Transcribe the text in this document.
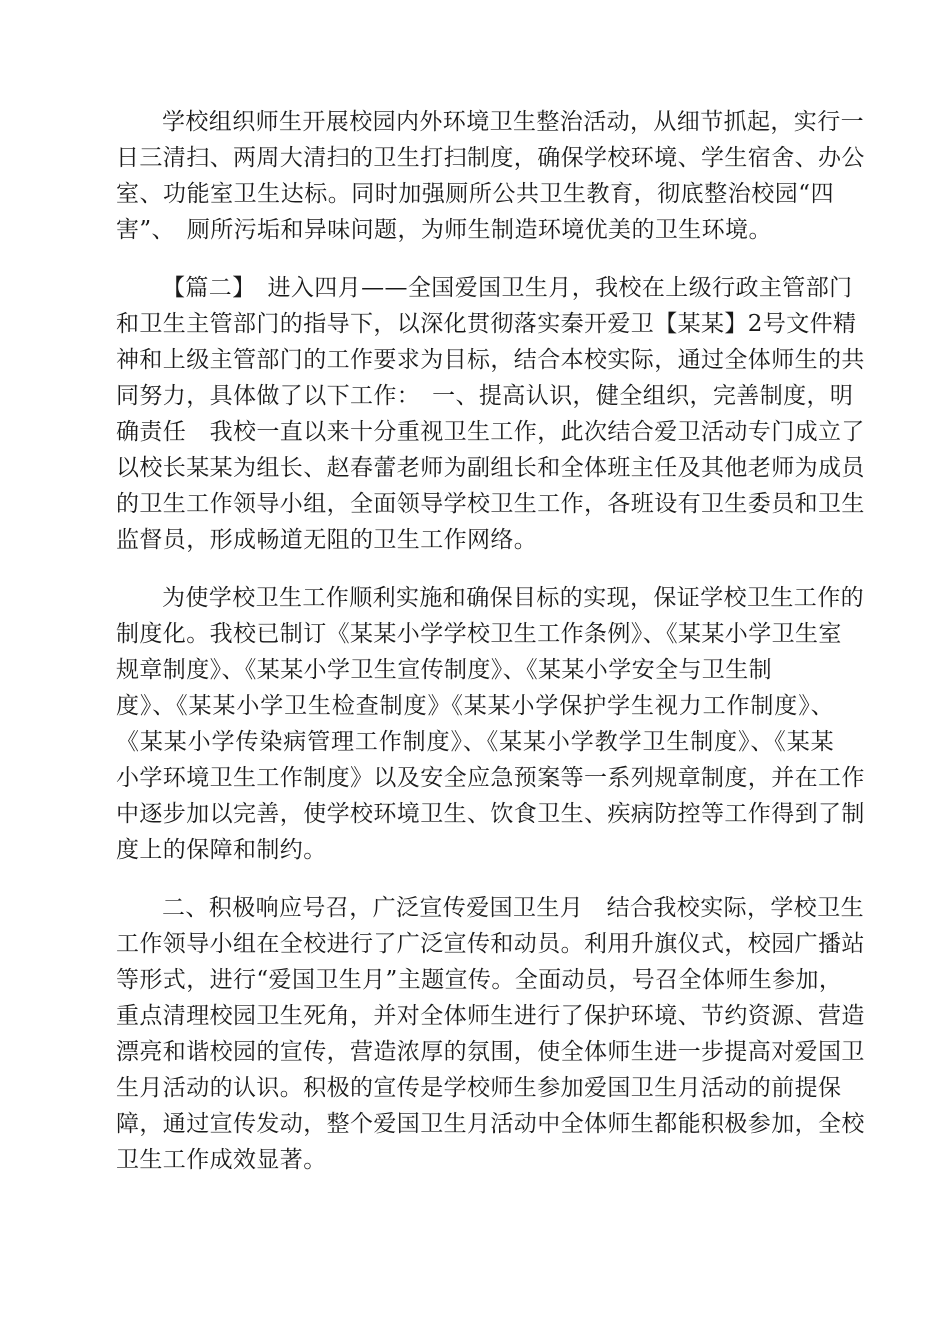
学校组织师生开展校园内外环境卫生整治活动，从细节抓起，实行一
日三清扫、两周大清扫的卫生打扫制度，确保学校环境、学生宿舍、办公
室、功能室卫生达标。同时加强厕所公共卫生教育，彻底整治校园“四
害”、　厕所污垢和异味问题，为师生制造环境优美的卫生环境。
【篇二】　进入四月——全国爱国卫生月，我校在上级行政主管部门
和卫生主管部门的指导下，以深化贯彻落实秦开爱卫【某某】2号文件精
神和上级主管部门的工作要求为目标，结合本校实际，通过全体师生的共
同努力，具体做了以下工作：　一、提高认识，健全组织，完善制度，明
确责任　我校一直以来十分重视卫生工作，此次结合爱卫活动专门成立了
以校长某某为组长、赵春蕾老师为副组长和全体班主任及其他老师为成员
的卫生工作领导小组，全面领导学校卫生工作，各班设有卫生委员和卫生
监督员，形成畅道无阻的卫生工作网络。
为使学校卫生工作顺利实施和确保目标的实现，保证学校卫生工作的
制度化。我校已制订《某某小学学校卫生工作条例》、《某某小学卫生室
规章制度》、《某某小学卫生宣传制度》、《某某小学安全与卫生制
度》、《某某小学卫生检查制度》《某某小学保护学生视力工作制度》、
《某某小学传染病管理工作制度》、《某某小学教学卫生制度》、《某某
小学环境卫生工作制度》以及安全应急预案等一系列规章制度，并在工作
中逐步加以完善，使学校环境卫生、饮食卫生、疾病防控等工作得到了制
度上的保障和制约。
二、积极响应号召，广泛宣传爱国卫生月　结合我校实际，学校卫生
工作领导小组在全校进行了广泛宣传和动员。利用升旗仪式，校园广播站
等形式，进行“爱国卫生月”主题宣传。全面动员，号召全体师生参加，
重点清理校园卫生死角，并对全体师生进行了保护环境、节约资源、营造
漂亮和谐校园的宣传，营造浓厚的氛围，使全体师生进一步提高对爱国卫
生月活动的认识。积极的宣传是学校师生参加爱国卫生月活动的前提保
障，通过宣传发动，整个爱国卫生月活动中全体师生都能积极参加，全校
卫生工作成效显著。
